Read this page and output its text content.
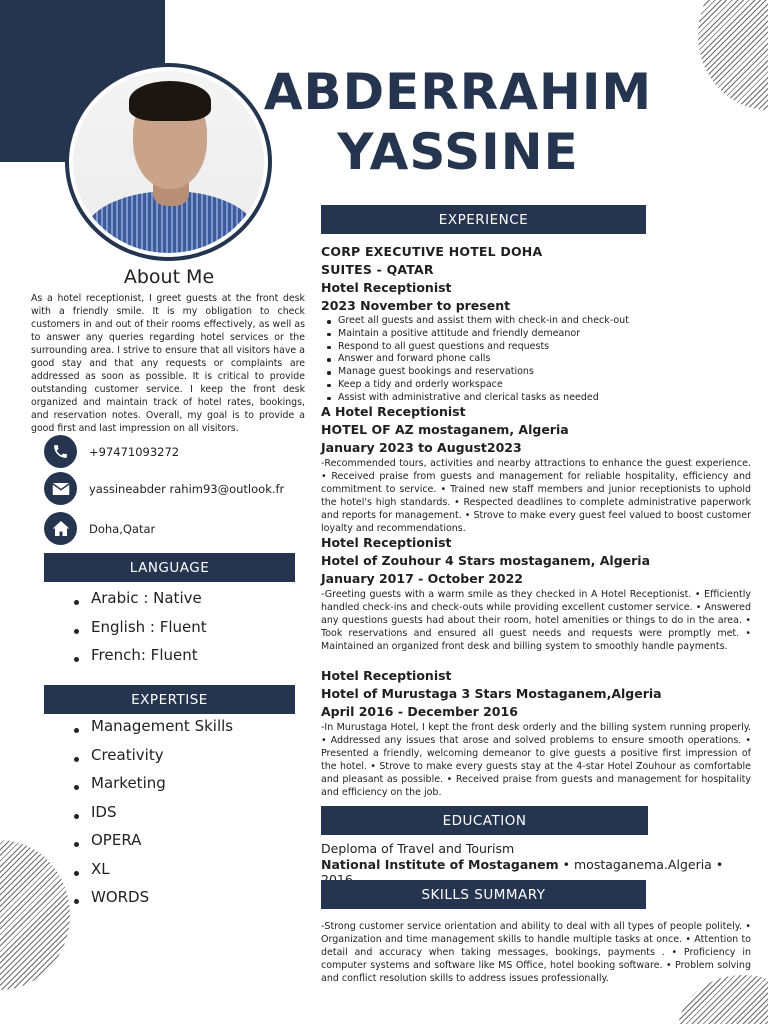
ABDERRAHIM
YASSINE
About Me
As a hotel receptionist, I greet guests at the front desk with a friendly smile. It is my obligation to check customers in and out of their rooms effectively, as well as to answer any queries regarding hotel services or the surrounding area. I strive to ensure that all visitors have a good stay and that any requests or complaints are addressed as soon as possible. It is critical to provide outstanding customer service. I keep the front desk organized and maintain track of hotel rates, bookings, and reservation notes. Overall, my goal is to provide a good first and last impression on all visitors.
+97471093272
yassineabder rahim93@outlook.fr
Doha,Qatar
LANGUAGE
Arabic : Native
English : Fluent
French: Fluent
EXPERTISE
Management Skills
Creativity
Marketing
IDS
OPERA
XL
WORDS
EXPERIENCE
CORP EXECUTIVE HOTEL DOHA
SUITES - QATAR
Hotel Receptionist
2023 November to present
Greet all guests and assist them with check-in and check-out
Maintain a positive attitude and friendly demeanor
Respond to all guest questions and requests
Answer and forward phone calls
Manage guest bookings and reservations
Keep a tidy and orderly workspace
Assist with administrative and clerical tasks as needed
A Hotel Receptionist
HOTEL OF AZ mostaganem, Algeria
January 2023 to August2023
-Recommended tours, activities and nearby attractions to enhance the guest experience. • Received praise from guests and management for reliable hospitality, efficiency and commitment to service. • Trained new staff members and junior receptionists to uphold the hotel's high standards. • Respected deadlines to complete administrative paperwork and reports for management. • Strove to make every guest feel valued to boost customer loyalty and recommendations.
Hotel Receptionist
Hotel of Zouhour 4 Stars mostaganem, Algeria
January 2017 - October 2022
-Greeting guests with a warm smile as they checked in A Hotel Receptionist. • Efficiently handled check-ins and check-outs while providing excellent customer service. • Answered any questions guests had about their room, hotel amenities or things to do in the area. • Took reservations and ensured all guest needs and requests were promptly met. • Maintained an organized front desk and billing system to smoothly handle payments.
Hotel Receptionist
Hotel of Murustaga 3 Stars Mostaganem,Algeria
April 2016 - December 2016
-In Murustaga Hotel, I kept the front desk orderly and the billing system running properly. • Addressed any issues that arose and solved problems to ensure smooth operations. • Presented a friendly, welcoming demeanor to give guests a positive first impression of the hotel. • Strove to make every guests stay at the 4-star Hotel Zouhour as comfortable and pleasant as possible. • Received praise from guests and management for hospitality and efficiency on the job.
EDUCATION
Deploma of Travel and Tourism
National Institute of Mostaganem • mostaganema.Algeria •
SKILLS SUMMARY
-Strong customer service orientation and ability to deal with all types of people politely. • Organization and time management skills to handle multiple tasks at once. • Attention to detail and accuracy when taking messages, bookings, payments . • Proficiency in computer systems and software like MS Office, hotel booking software. • Problem solving and conflict resolution skills to address issues professionally.
